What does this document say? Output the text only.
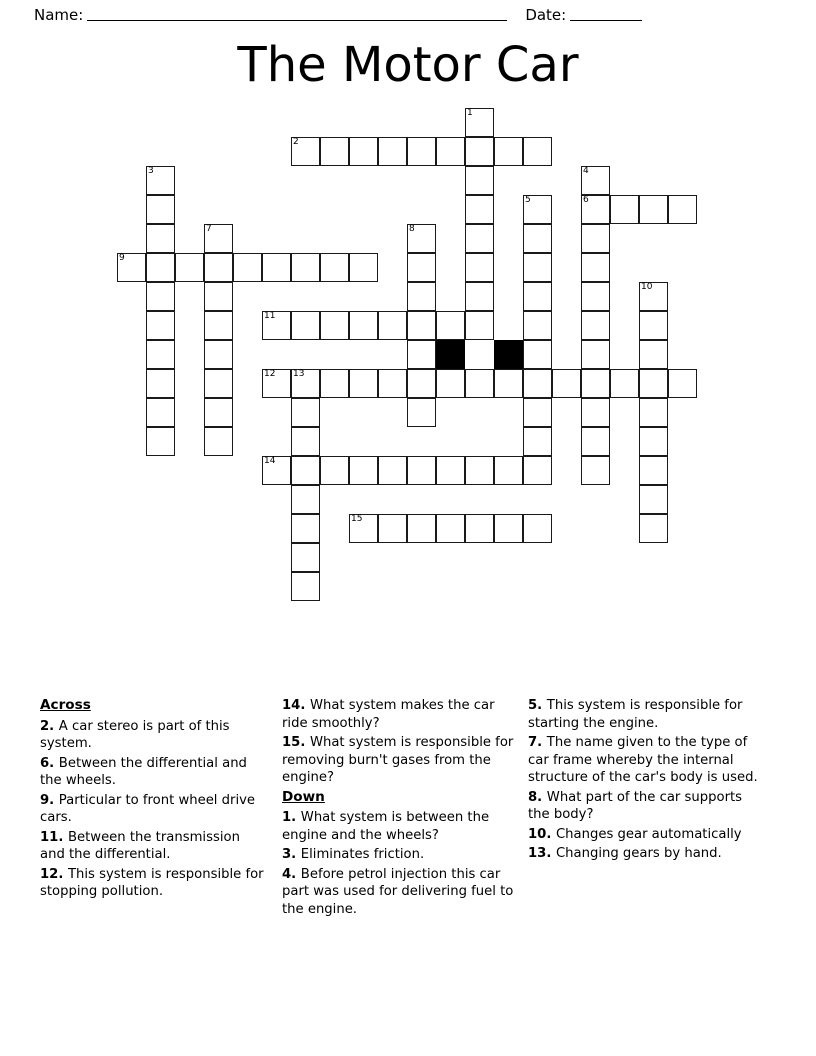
Name:	Date:
The Motor Car
1
2
3	4
5	6
7	8
9
10
11
12 13
14
15
Across
2. A car stereo is part of this system.
6. Between the differential and the wheels.
9. Particular to front wheel drive cars.
11. Between the transmission and the differential.
12. This system is responsible for stopping pollution.
14. What system makes the car ride smoothly?
15. What system is responsible for removing burn't gases from the engine?
Down
1. What system is between the engine and the wheels?
3. Eliminates friction.
4. Before petrol injection this car part was used for delivering fuel to the engine.
5. This system is responsible for starting the engine.
7. The name given to the type of car frame whereby the internal structure of the car's body is used.
8. What part of the car supports the body?
10. Changes gear automatically
13. Changing gears by hand.
